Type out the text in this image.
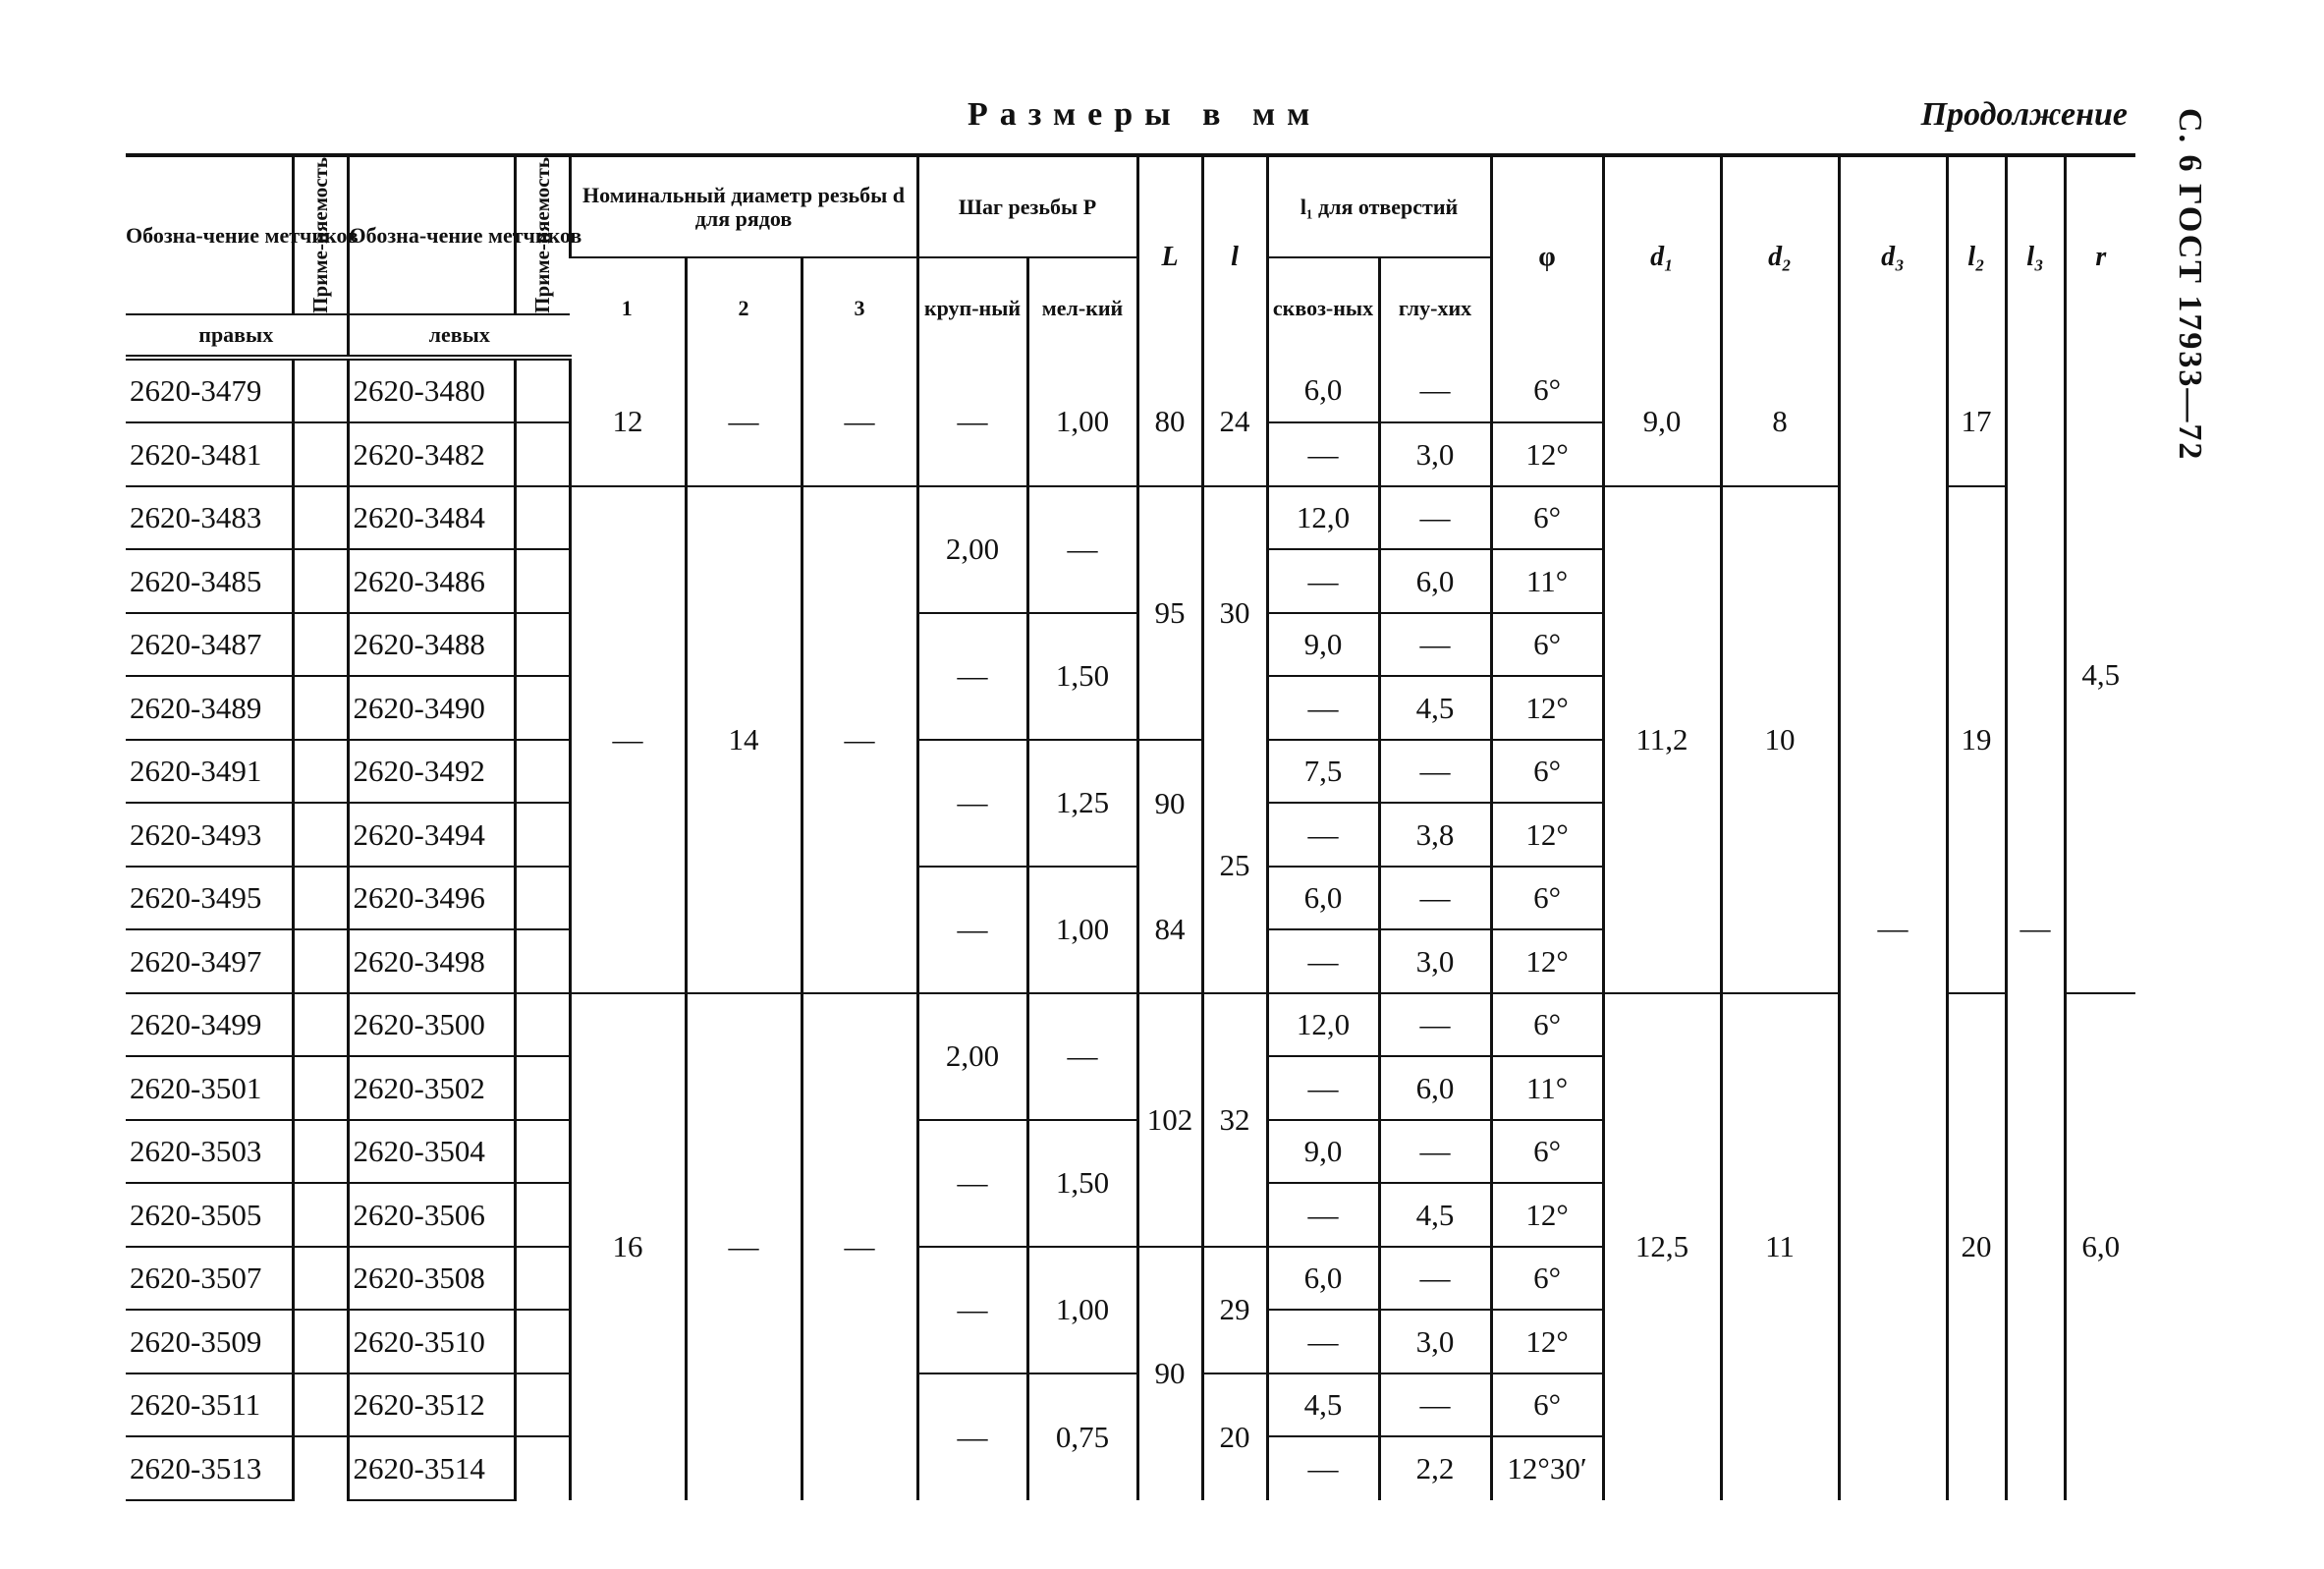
Размеры в мм	Продолжение С. 6 ГОСТ 17933—72
Обозна-чение метчиков	Приме-няемость	Обозна-чение метчиков	Приме-няемость	Номинальный диаметр резьбы d для рядов			Шаг резьбы P		L	l	l₁ для отверстий		φ	d₁	d₂	d₃	l₂	l₃	r
				1	2	3	круп-ный	мел-кий			сквоз-ных	глу-хих							

правых		левых																	
2620-3479		2620-3480		12	—	—	—	1,00	80	24	6,0	—	6°	9,0	8	—	17	—	4,5
2620-3481		2620-3482									—	3,0	12°						
2620-3483		2620-3484		—	14	—	2,00	—	95	30	12,0	—	6°	11,2	10		19		
2620-3485		2620-3486									—	6,0	11°						
2620-3487		2620-3488					—	1,50			9,0	—	6°						
2620-3489		2620-3490									—	4,5	12°						
2620-3491		2620-3492					—	1,25	90	25	7,5	—	6°						
2620-3493		2620-3494									—	3,8	12°						
2620-3495		2620-3496					—	1,00	84		6,0	—	6°						
2620-3497		2620-3498									—	3,0	12°						
2620-3499		2620-3500		16	—	—	2,00	—	102	32	12,0	—	6°	12,5	11		20		6,0
2620-3501		2620-3502									—	6,0	11°						
2620-3503		2620-3504					—	1,50			9,0	—	6°						
2620-3505		2620-3506									—	4,5	12°						
2620-3507		2620-3508					—	1,00	90	29	6,0	—	6°						
2620-3509		2620-3510									—	3,0	12°						
2620-3511		2620-3512					—	0,75		20	4,5	—	6°						
2620-3513		2620-3514									—	2,2	12°30′						
